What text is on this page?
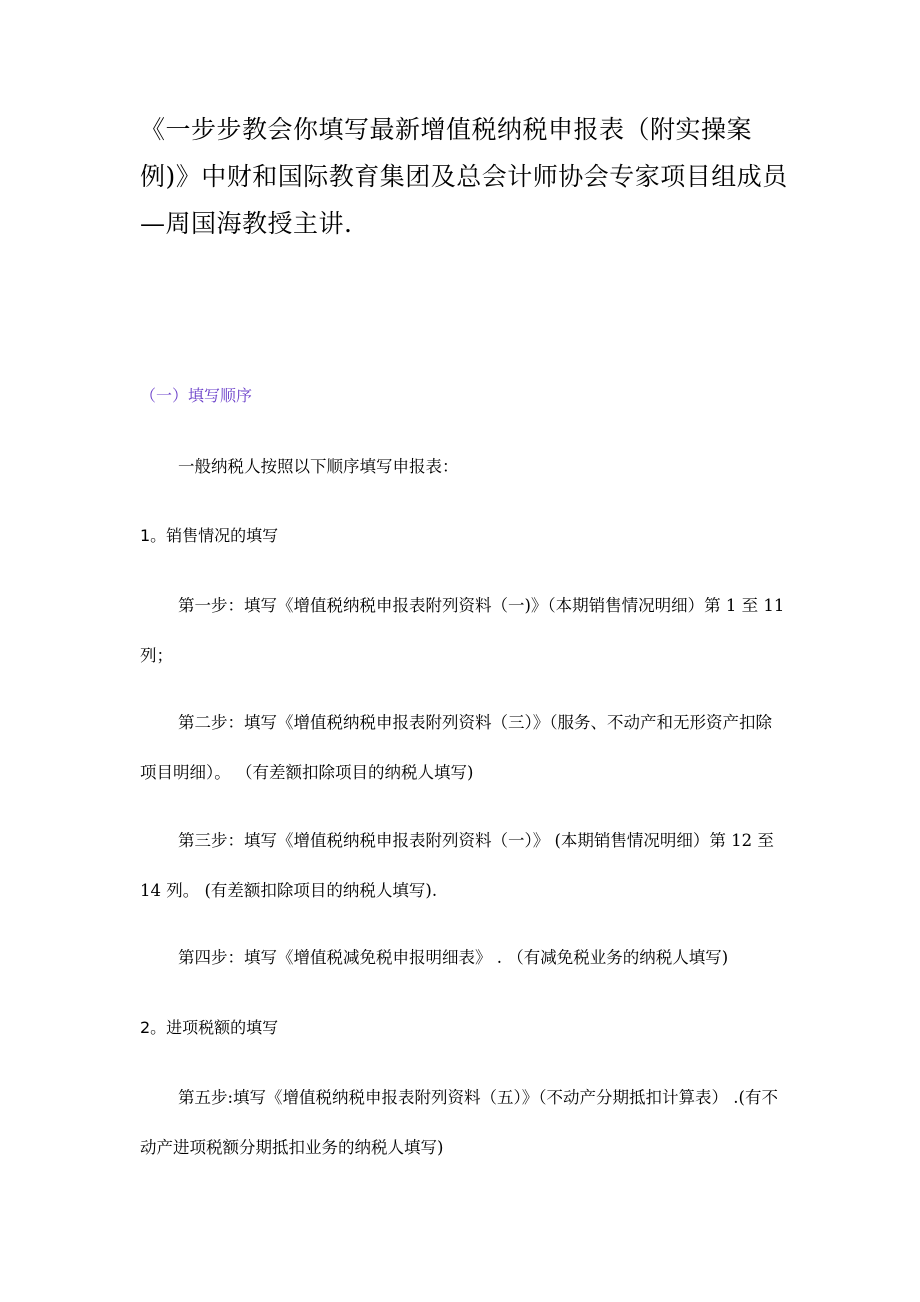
《一步步教会你填写最新增值税纳税申报表（附实操案例)》中财和国际教育集团及总会计师协会专家项目组成员—周国海教授主讲.
（一）填写顺序

一般纳税人按照以下顺序填写申报表：

1。销售情况的填写

第一步：填写《增值税纳税申报表附列资料（一)》（本期销售情况明细）第 1 至 11 列；

第二步：填写《增值税纳税申报表附列资料（三）》（服务、不动产和无形资产扣除项目明细）。 （有差额扣除项目的纳税人填写)

第三步：填写《增值税纳税申报表附列资料（一）》 (本期销售情况明细）第 12 至 14 列。 (有差额扣除项目的纳税人填写).

第四步：填写《增值税减免税申报明细表》 . （有减免税业务的纳税人填写)

2。进项税额的填写

第五步:填写《增值税纳税申报表附列资料（五）》（不动产分期抵扣计算表） .(有不动产进项税额分期抵扣业务的纳税人填写)
